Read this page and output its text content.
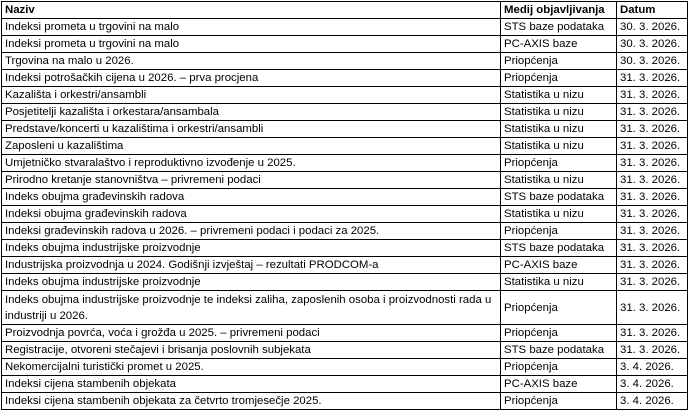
Naziv	Medij objavljivanja	Datum
Indeksi prometa u trgovini na malo	STS baze podataka	30. 3. 2026.
Indeksi prometa u trgovini na malo	PC-AXIS baze	30. 3. 2026.
Trgovina na malo u 2026.	Priopćenja	30. 3. 2026.
Indeksi potrošačkih cijena u 2026. – prva procjena	Priopćenja	31. 3. 2026.
Kazališta i orkestri/ansambli	Statistika u nizu	31. 3. 2026.
Posjetitelji kazališta i orkestara/ansambala	Statistika u nizu	31. 3. 2026.
Predstave/koncerti u kazalištima i orkestri/ansambli	Statistika u nizu	31. 3. 2026.
Zaposleni u kazalištima	Statistika u nizu	31. 3. 2026.
Umjetničko stvaralaštvo i reproduktivno izvođenje u 2025.	Priopćenja	31. 3. 2026.
Prirodno kretanje stanovništva – privremeni podaci	Statistika u nizu	31. 3. 2026.
Indeks obujma građevinskih radova	STS baze podataka	31. 3. 2026.
Indeksi obujma građevinskih radova	Statistika u nizu	31. 3. 2026.
Indeksi građevinskih radova u 2026. – privremeni podaci i podaci za 2025.	Priopćenja	31. 3. 2026.
Indeks obujma industrijske proizvodnje	STS baze podataka	31. 3. 2026.
Industrijska proizvodnja u 2024. Godišnji izvještaj – rezultati PRODCOM-a	PC-AXIS baze	31. 3. 2026.
Indeks obujma industrijske proizvodnje	Statistika u nizu	31. 3. 2026.
Indeks obujma industrijske proizvodnje te indeksi zaliha, zaposlenih osoba i proizvodnosti rada u industriji u 2026.	Priopćenja	31. 3. 2026.
Proizvodnja povrća, voća i grožđa u 2025. – privremeni podaci	Priopćenja	31. 3. 2026.
Registracije, otvoreni stečajevi i brisanja poslovnih subjekata	STS baze podataka	31. 3. 2026.
Nekomercijalni turistički promet u 2025.	Priopćenja	3. 4. 2026.
Indeksi cijena stambenih objekata	PC-AXIS baze	3. 4. 2026.
Indeksi cijena stambenih objekata za četvrto tromjesečje 2025.	Priopćenja	3. 4. 2026.
